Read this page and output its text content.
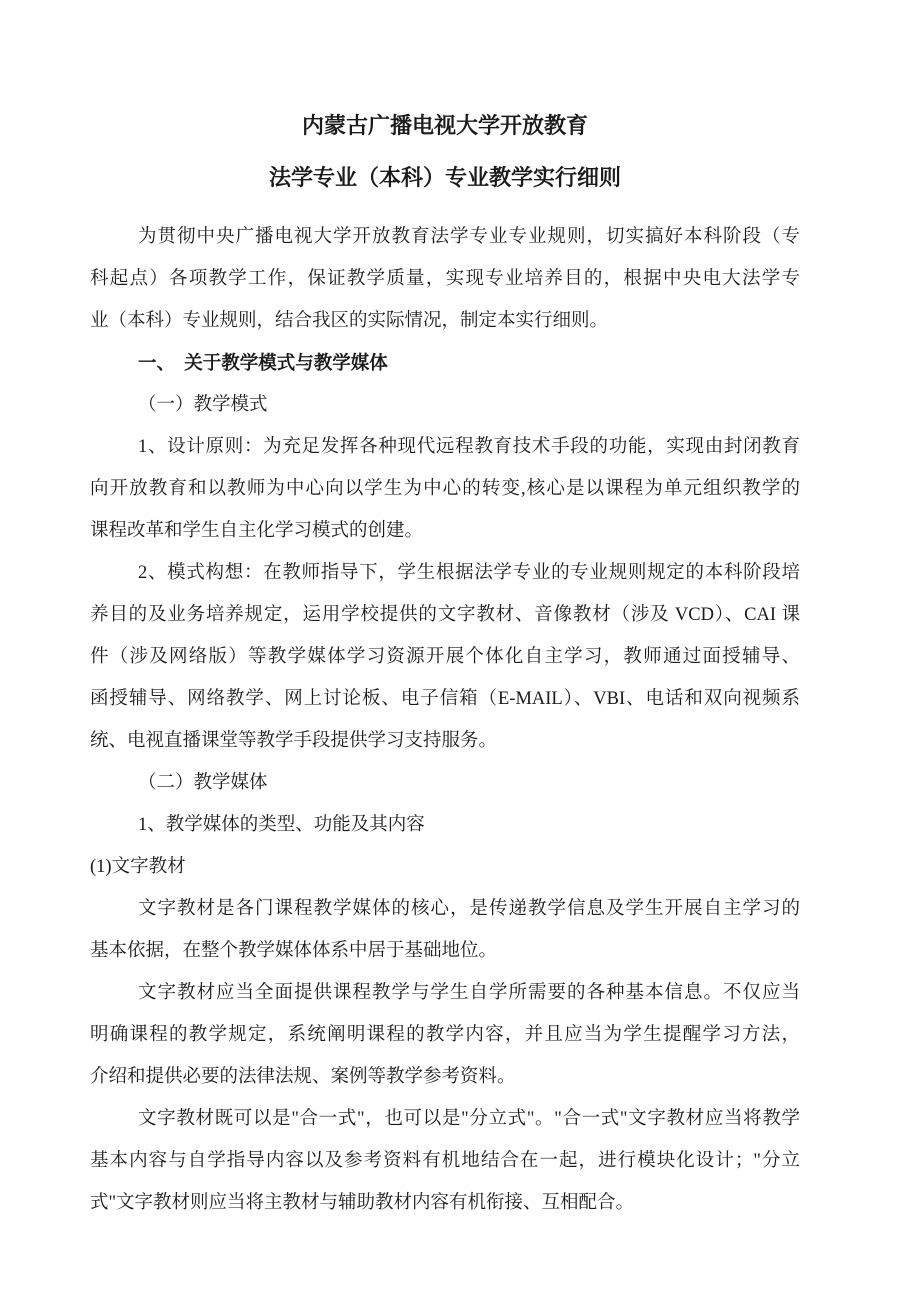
内蒙古广播电视大学开放教育
法学专业（本科）专业教学实行细则
为贯彻中央广播电视大学开放教育法学专业专业规则，切实搞好本科阶段（专
科起点）各项教学工作，保证教学质量，实现专业培养目的，根据中央电大法学专
业（本科）专业规则，结合我区的实际情况，制定本实行细则。
一、　关于教学模式与教学媒体
（一）教学模式
1、设计原则：为充足发挥各种现代远程教育技术手段的功能，实现由封闭教育
向开放教育和以教师为中心向以学生为中心的转变,核心是以课程为单元组织教学的
课程改革和学生自主化学习模式的创建。
2、模式构想：在教师指导下，学生根据法学专业的专业规则规定的本科阶段培
养目的及业务培养规定，运用学校提供的文字教材、音像教材（涉及 VCD）、CAI 课
件（涉及网络版）等教学媒体学习资源开展个体化自主学习，教师通过面授辅导、
函授辅导、网络教学、网上讨论板、电子信箱（E-MAIL）、VBI、电话和双向视频系
统、电视直播课堂等教学手段提供学习支持服务。
（二）教学媒体
1、教学媒体的类型、功能及其内容
(1)文字教材
文字教材是各门课程教学媒体的核心，是传递教学信息及学生开展自主学习的
基本依据，在整个教学媒体体系中居于基础地位。
文字教材应当全面提供课程教学与学生自学所需要的各种基本信息。不仅应当
明确课程的教学规定，系统阐明课程的教学内容，并且应当为学生提醒学习方法，
介绍和提供必要的法律法规、案例等教学参考资料。
文字教材既可以是"合一式"，也可以是"分立式"。"合一式"文字教材应当将教学
基本内容与自学指导内容以及参考资料有机地结合在一起，进行模块化设计；"分立
式"文字教材则应当将主教材与辅助教材内容有机衔接、互相配合。
